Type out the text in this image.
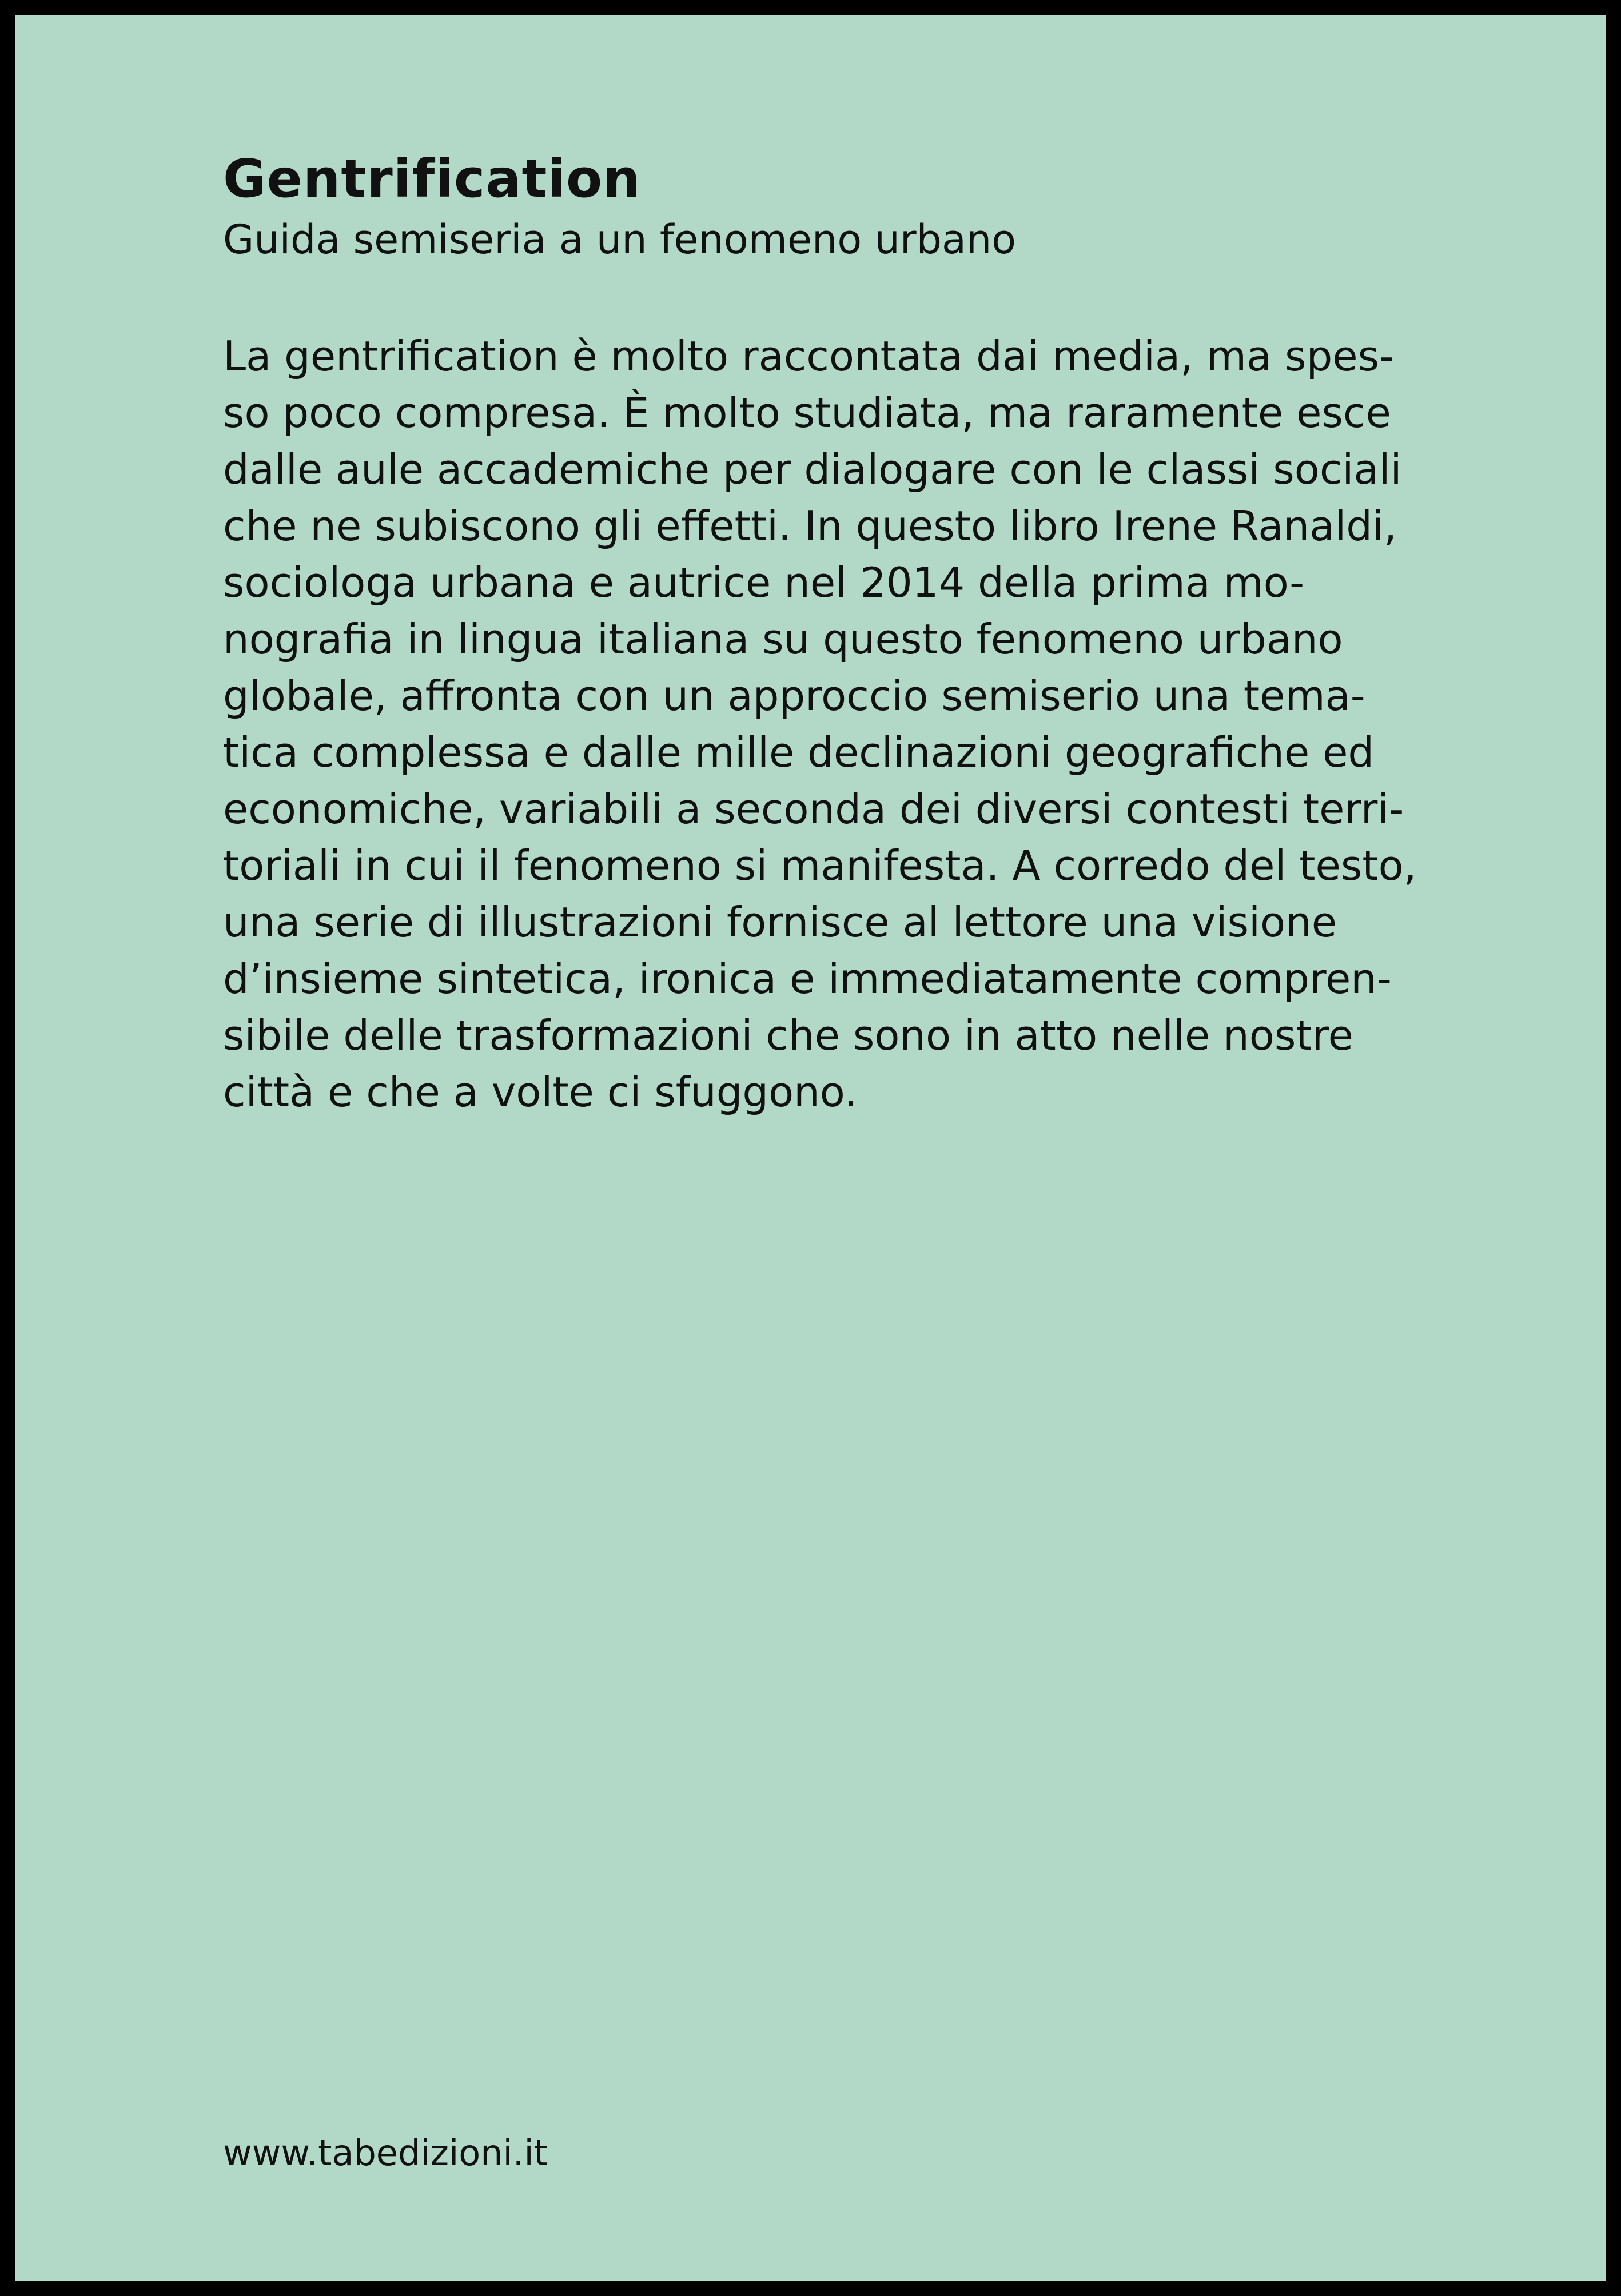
Gentrification
Guida semiseria a un fenomeno urbano

La gentrification è molto raccontata dai media, ma spes-
so poco compresa. È molto studiata, ma raramente esce
dalle aule accademiche per dialogare con le classi sociali
che ne subiscono gli effetti. In questo libro Irene Ranaldi,
sociologa urbana e autrice nel 2014 della prima mo-
nografia in lingua italiana su questo fenomeno urbano
globale, affronta con un approccio semiserio una tema-
tica complessa e dalle mille declinazioni geografiche ed
economiche, variabili a seconda dei diversi contesti terri-
toriali in cui il fenomeno si manifesta. A corredo del testo,
una serie di illustrazioni fornisce al lettore una visione
d’insieme sintetica, ironica e immediatamente compren-
sibile delle trasformazioni che sono in atto nelle nostre
città e che a volte ci sfuggono.

www.tabedizioni.it
